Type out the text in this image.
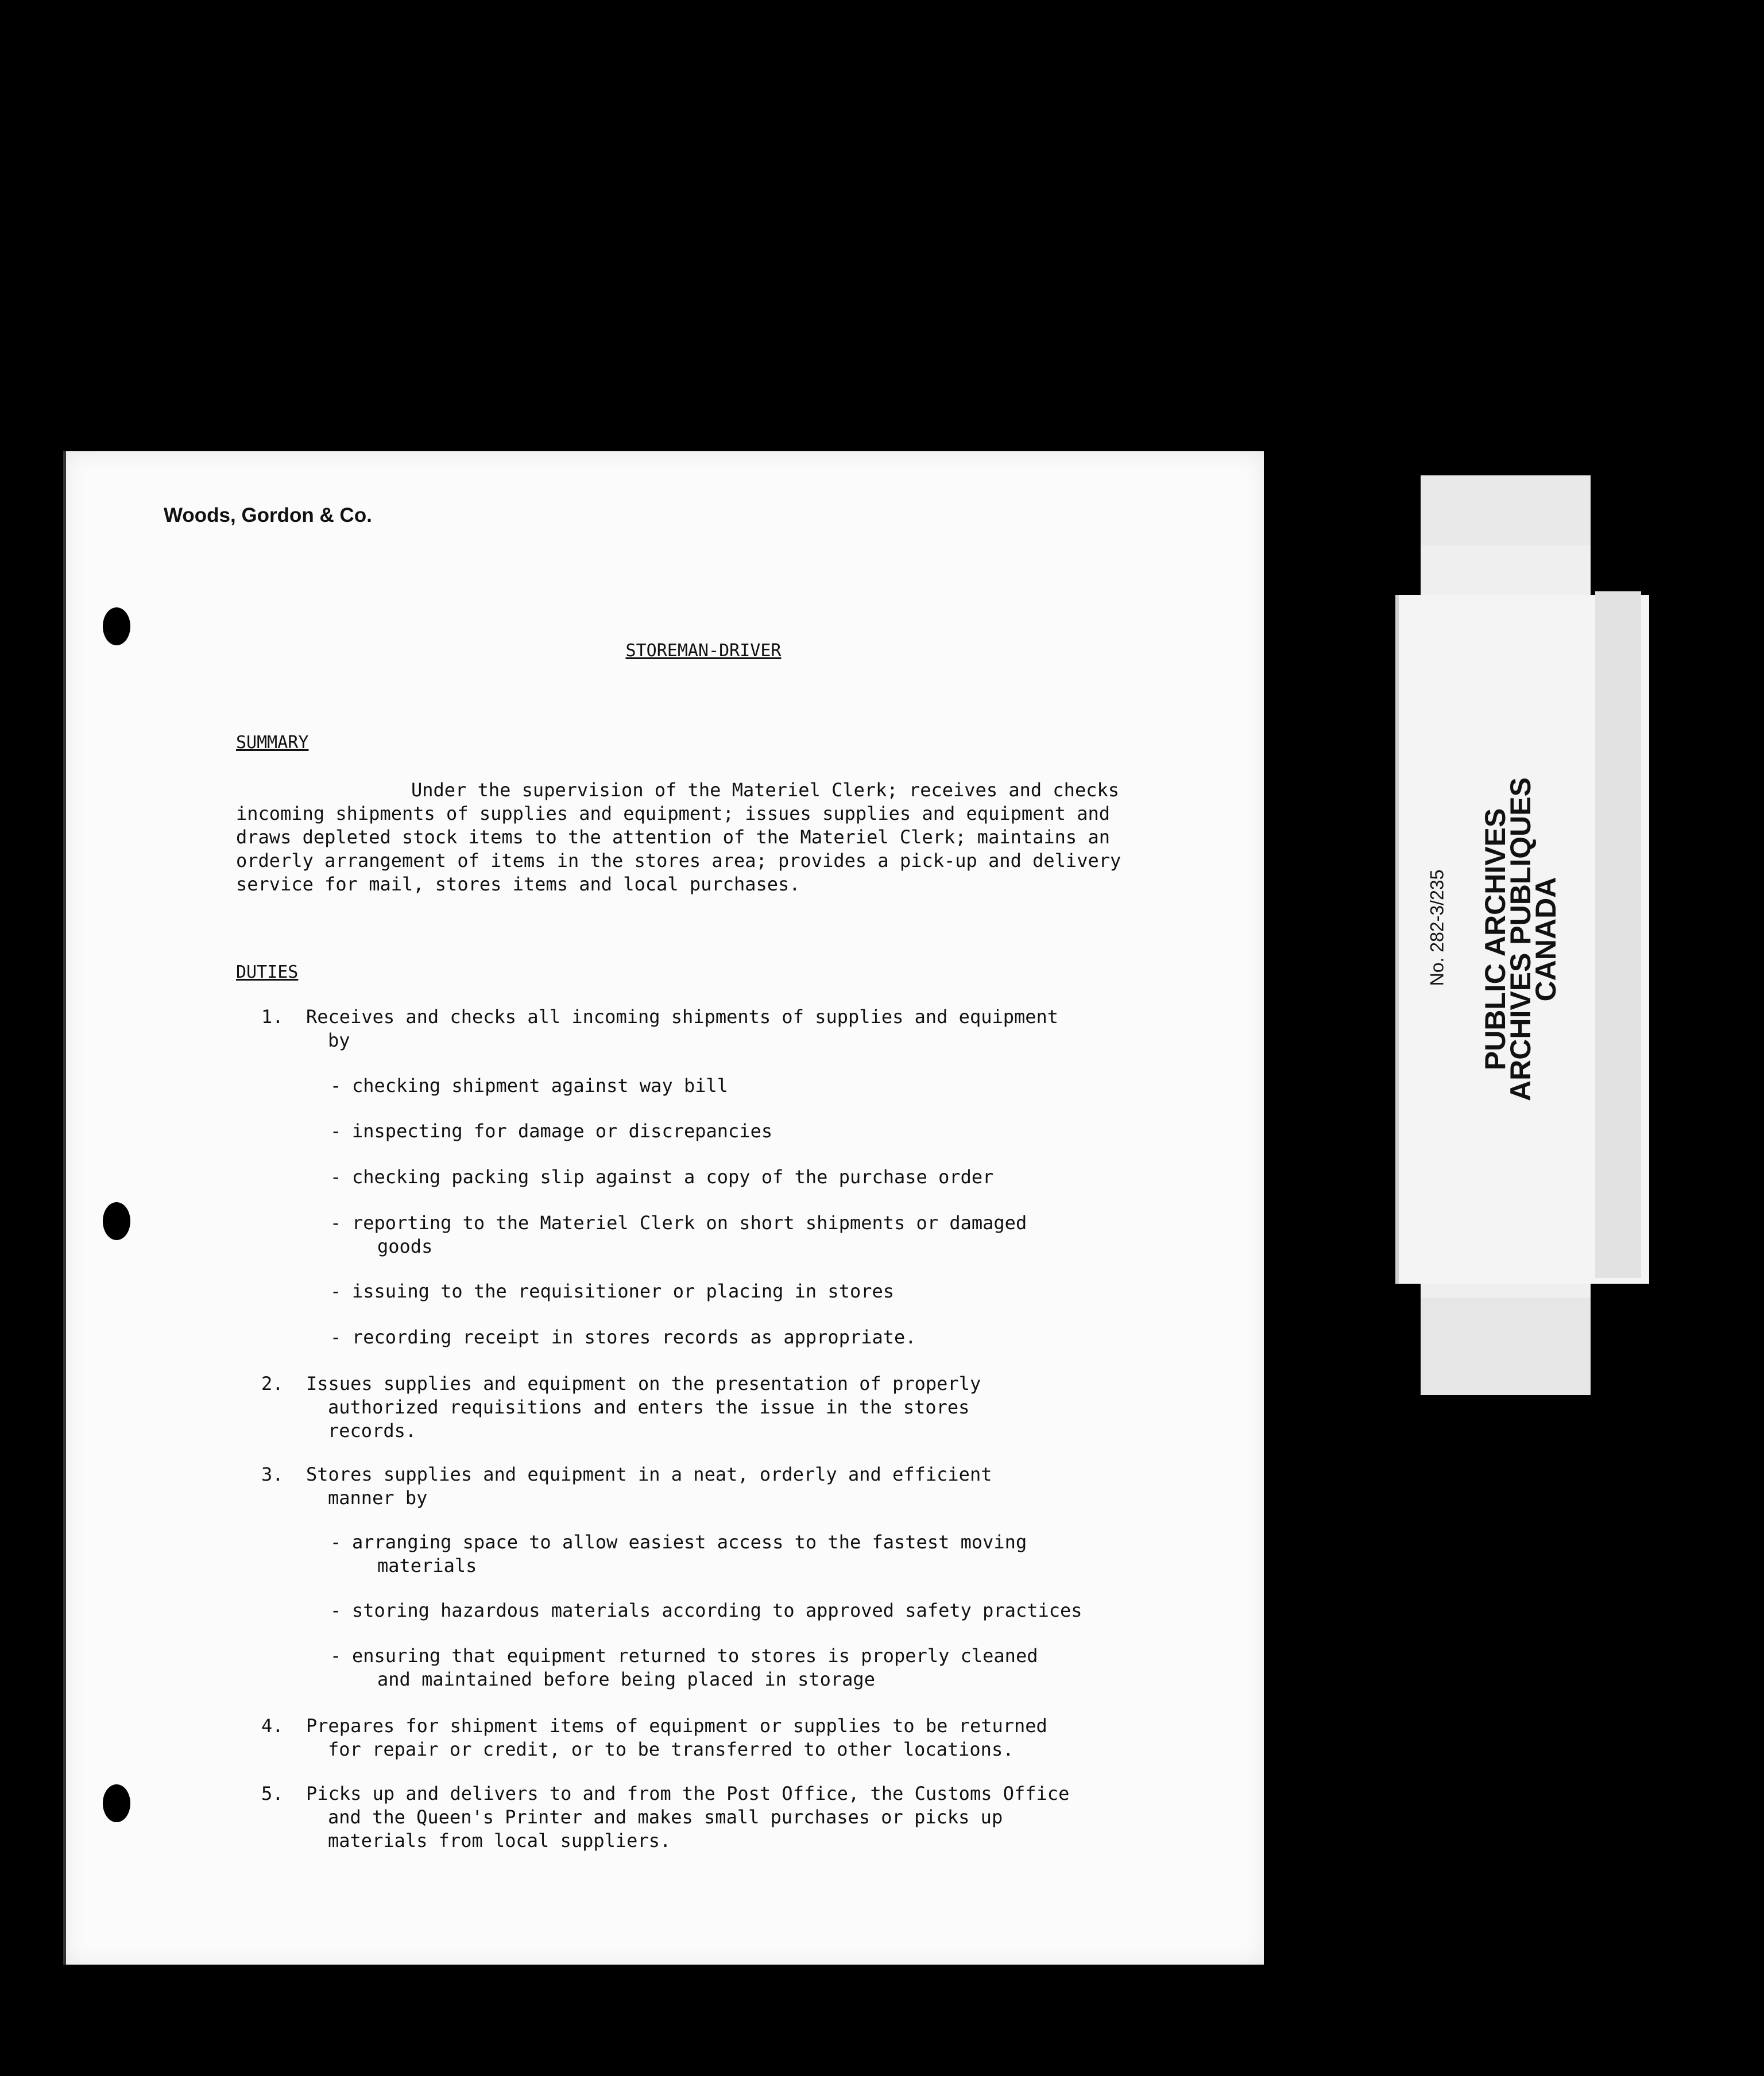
Woods, Gordon & Co.
STOREMAN-DRIVER
SUMMARY
Under the supervision of the Materiel Clerk; receives and checks incoming shipments of supplies and equipment; issues supplies and equipment and draws depleted stock items to the attention of the Materiel Clerk; maintains an orderly arrangement of items in the stores area; provides a pick-up and delivery service for mail, stores items and local purchases.
DUTIES
1. Receives and checks all incoming shipments of supplies and equipment
by
- checking shipment against way bill
- inspecting for damage or discrepancies
- checking packing slip against a copy of the purchase order
- reporting to the Materiel Clerk on short shipments or damaged
goods
- issuing to the requisitioner or placing in stores
- recording receipt in stores records as appropriate.
2. Issues supplies and equipment on the presentation of properly
authorized requisitions and enters the issue in the stores
records.
3. Stores supplies and equipment in a neat, orderly and efficient
manner by
- arranging space to allow easiest access to the fastest moving
materials
- storing hazardous materials according to approved safety practices
- ensuring that equipment returned to stores is properly cleaned
and maintained before being placed in storage
4. Prepares for shipment items of equipment or supplies to be returned
for repair or credit, or to be transferred to other locations.
5. Picks up and delivers to and from the Post Office, the Customs Office
and the Queen's Printer and makes small purchases or picks up
materials from local suppliers.
No. 282-3/235 PUBLIC ARCHIVES
ARCHIVES PUBLIQUES
CANADA
